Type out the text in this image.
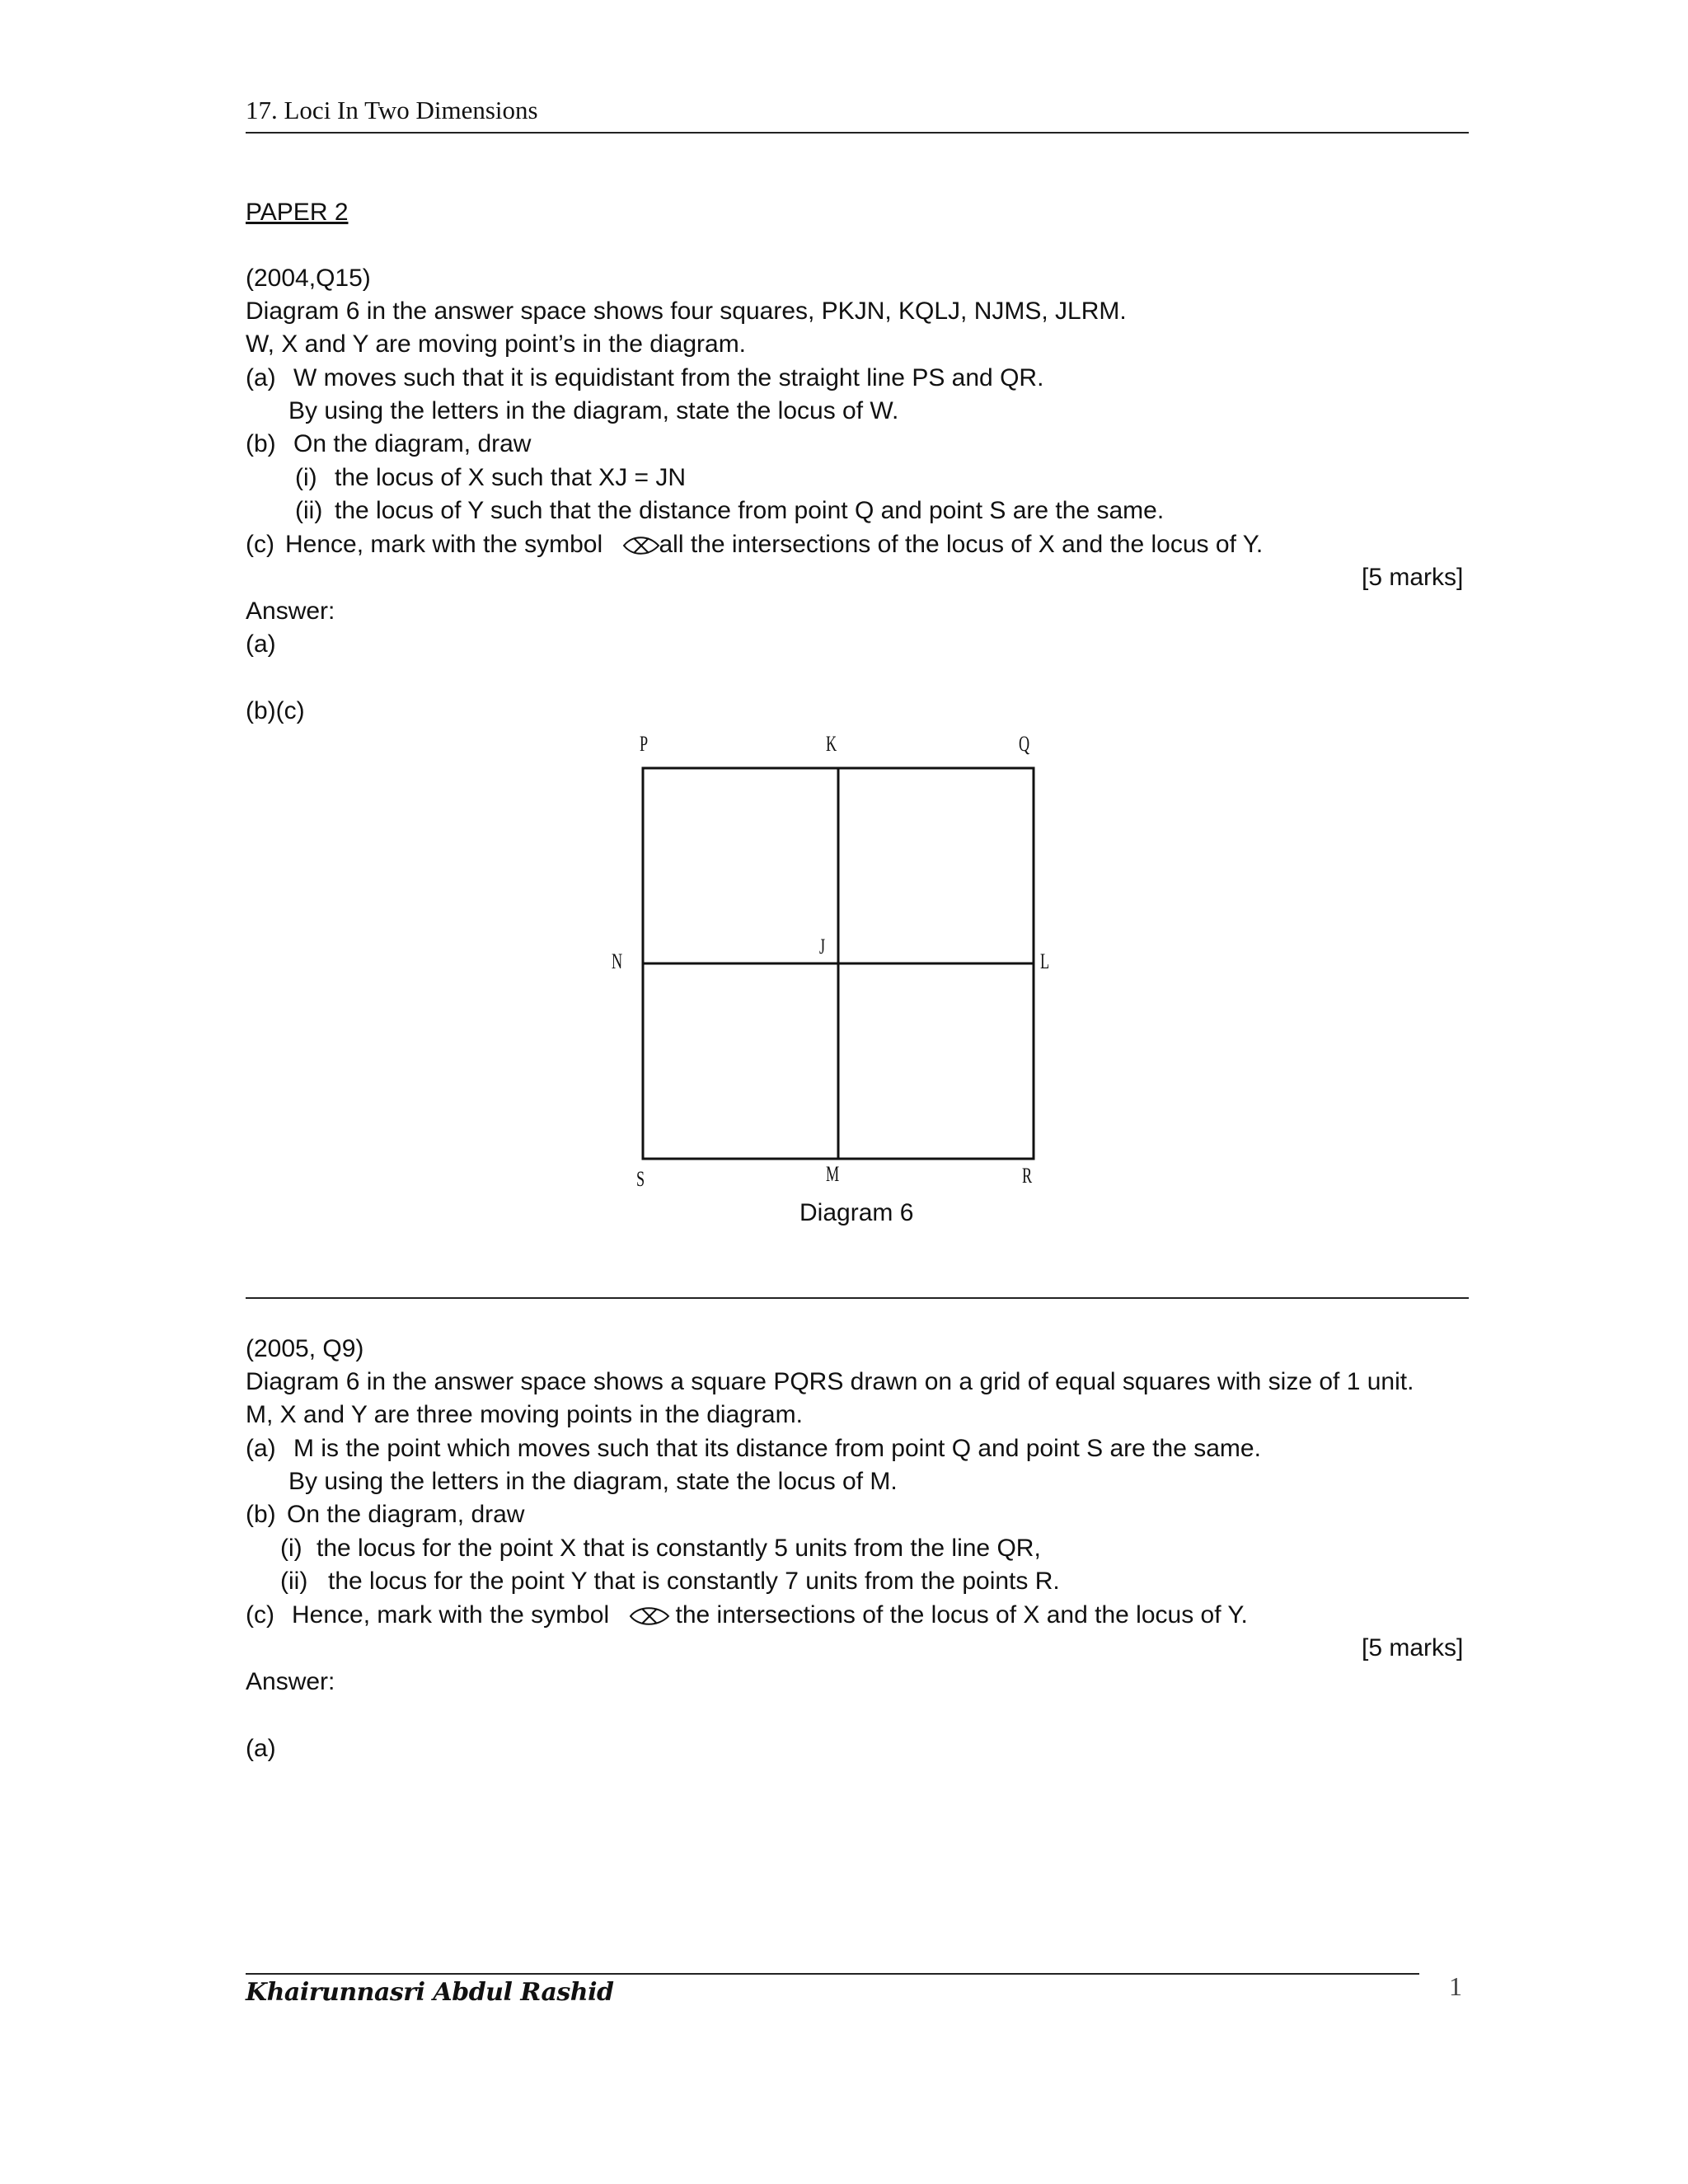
17. Loci In Two Dimensions
PAPER 2
(2004,Q15)
Diagram 6 in the answer space shows four squares, PKJN, KQLJ, NJMS, JLRM.
W, X and Y are moving point’s in the diagram.
(a) W moves such that it is equidistant from the straight line PS and QR.
By using the letters in the diagram, state the locus of W.
(b) On the diagram, draw
(i) the locus of X such that XJ = JN
(ii) the locus of Y such that the distance from point Q and point S are the same.
(c) Hence, mark with the symbol all the intersections of the locus of X and the locus of Y.
[5 marks]
Answer:
(a)
(b)(c)
P	K	Q
N
J
L
S	M	R
Diagram 6
(2005, Q9)
Diagram 6 in the answer space shows a square PQRS drawn on a grid of equal squares with size of 1 unit.
M, X and Y are three moving points in the diagram.
(a) M is the point which moves such that its distance from point Q and point S are the same.
By using the letters in the diagram, state the locus of M.
(b) On the diagram, draw
(i) the locus for the point X that is constantly 5 units from the line QR,
(ii) the locus for the point Y that is constantly 7 units from the points R.
(c) Hence, mark with the symbol	the intersections of the locus of X and the locus of Y.
[5 marks]
Answer:
(a)
Khairunnasri Abdul Rashid	1
